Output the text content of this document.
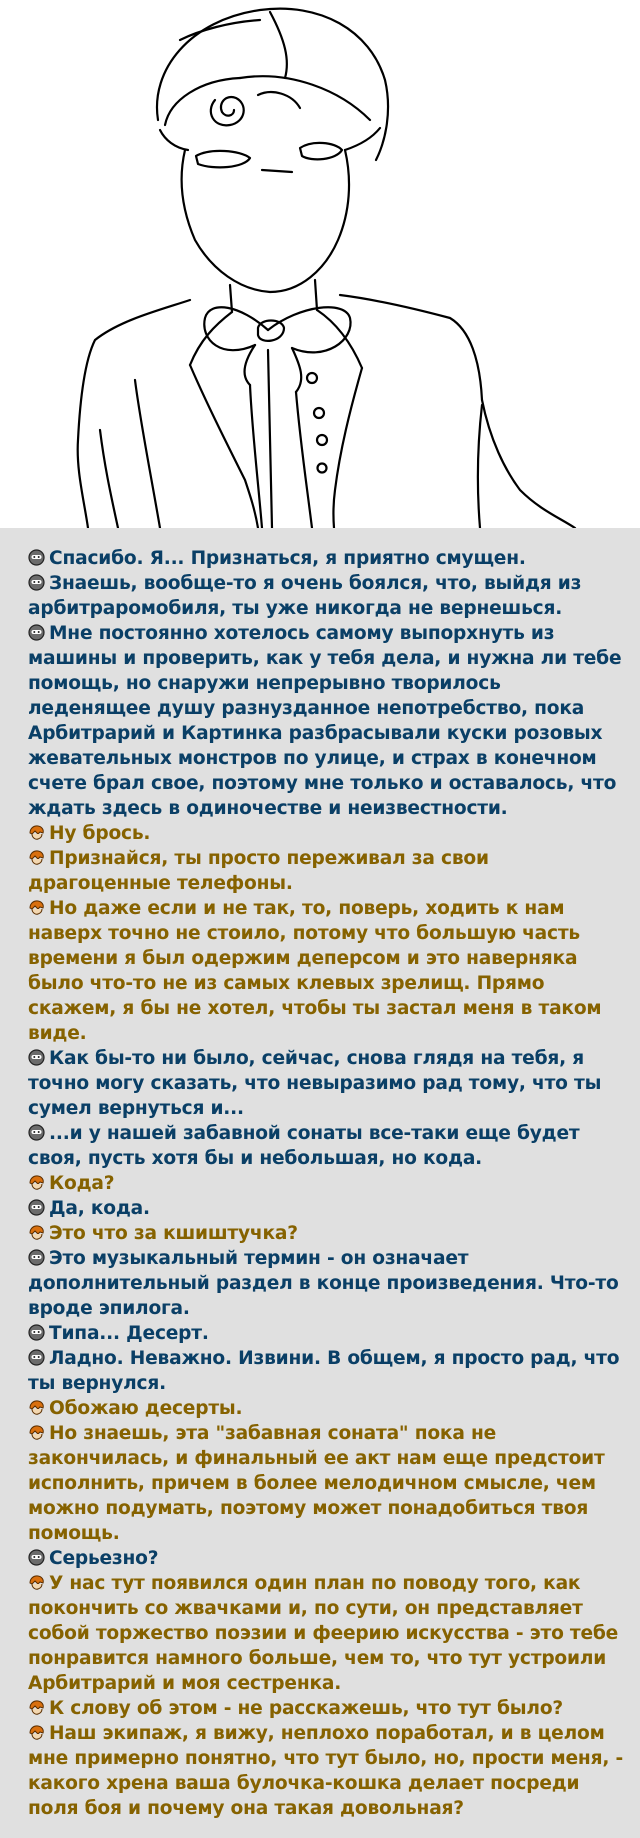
Спасибо. Я... Признаться, я приятно смущен.

Знаешь, вообще-то я очень боялся, что, выйдя из арбитраромобиля, ты уже никогда не вернешься.

Мне постоянно хотелось самому выпорхнуть из машины и проверить, как у тебя дела, и нужна ли тебе помощь, но снаружи непрерывно творилось леденящее душу разнузданное непотребство, пока Арбитрарий и Картинка разбрасывали куски розовых жевательных монстров по улице, и страх в конечном счете брал свое, поэтому мне только и оставалось, что ждать здесь в одиночестве и неизвестности.

Ну брось.

Признайся, ты просто переживал за свои драгоценные телефоны.

Но даже если и не так, то, поверь, ходить к нам наверх точно не стоило, потому что большую часть времени я был одержим деперсом и это наверняка было что-то не из самых клевых зрелищ. Прямо скажем, я бы не хотел, чтобы ты застал меня в таком виде.

Как бы-то ни было, сейчас, снова глядя на тебя, я точно могу сказать, что невыразимо рад тому, что ты сумел вернуться и...

...и у нашей забавной сонаты все-таки еще будет своя, пусть хотя бы и небольшая, но кода.

Кода?

Да, кода.

Это что за кшиштучка?

Это музыкальный термин - он означает дополнительный раздел в конце произведения. Что-то вроде эпилога.

Типа... Десерт.

Ладно. Неважно. Извини. В общем, я просто рад, что ты вернулся.

Обожаю десерты.

Но знаешь, эта "забавная соната" пока не закончилась, и финальный ее акт нам еще предстоит исполнить, причем в более мелодичном смысле, чем можно подумать, поэтому может понадобиться твоя помощь.

Серьезно?

У нас тут появился один план по поводу того, как покончить со жвачками и, по сути, он представляет собой торжество поэзии и феерию искусства - это тебе понравится намного больше, чем то, что тут устроили Арбитрарий и моя сестренка.

К слову об этом - не расскажешь, что тут было?

Наш экипаж, я вижу, неплохо поработал, и в целом мне примерно понятно, что тут было, но, прости меня, - какого хрена ваша булочка-кошка делает посреди поля боя и почему она такая довольная?
